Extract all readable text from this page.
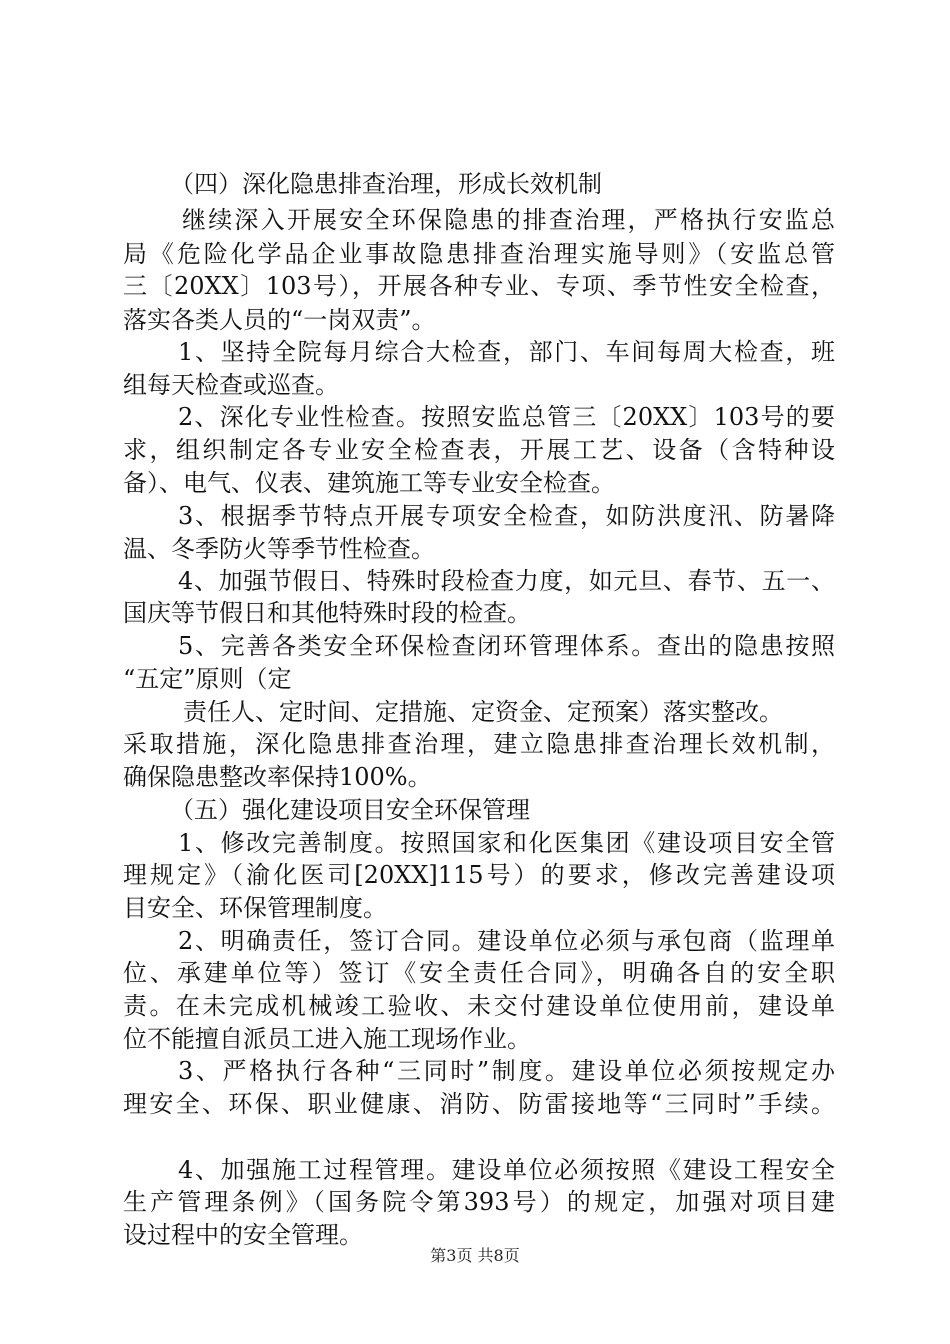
（四）深化隐患排查治理，形成长效机制
继续深入开展安全环保隐患的排查治理，严格执行安监总
局《危险化学品企业事故隐患排查治理实施导则》（安监总管
三〔20XX〕103号），开展各种专业、专项、季节性安全检查，
落实各类人员的“一岗双责”。
1、坚持全院每月综合大检查，部门、车间每周大检查，班
组每天检查或巡查。
2、深化专业性检查。按照安监总管三〔20XX〕103号的要
求，组织制定各专业安全检查表，开展工艺、设备（含特种设
备）、电气、仪表、建筑施工等专业安全检查。
3、根据季节特点开展专项安全检查，如防洪度汛、防暑降
温、冬季防火等季节性检查。
4、加强节假日、特殊时段检查力度，如元旦、春节、五一、
国庆等节假日和其他特殊时段的检查。
5、完善各类安全环保检查闭环管理体系。查出的隐患按照
“五定”原则（定
责任人、定时间、定措施、定资金、定预案）落实整改。
采取措施，深化隐患排查治理，建立隐患排查治理长效机制，
确保隐患整改率保持100%。
（五）强化建设项目安全环保管理
1、修改完善制度。按照国家和化医集团《建设项目安全管
理规定》（渝化医司[20XX]115号）的要求，修改完善建设项
目安全、环保管理制度。
2、明确责任，签订合同。建设单位必须与承包商（监理单
位、承建单位等）签订《安全责任合同》，明确各自的安全职
责。在未完成机械竣工验收、未交付建设单位使用前，建设单
位不能擅自派员工进入施工现场作业。
3、严格执行各种“三同时”制度。建设单位必须按规定办
理安全、环保、职业健康、消防、防雷接地等“三同时”手续。
4、加强施工过程管理。建设单位必须按照《建设工程安全
生产管理条例》（国务院令第393号）的规定，加强对项目建
设过程中的安全管理。
第3页 共8页
